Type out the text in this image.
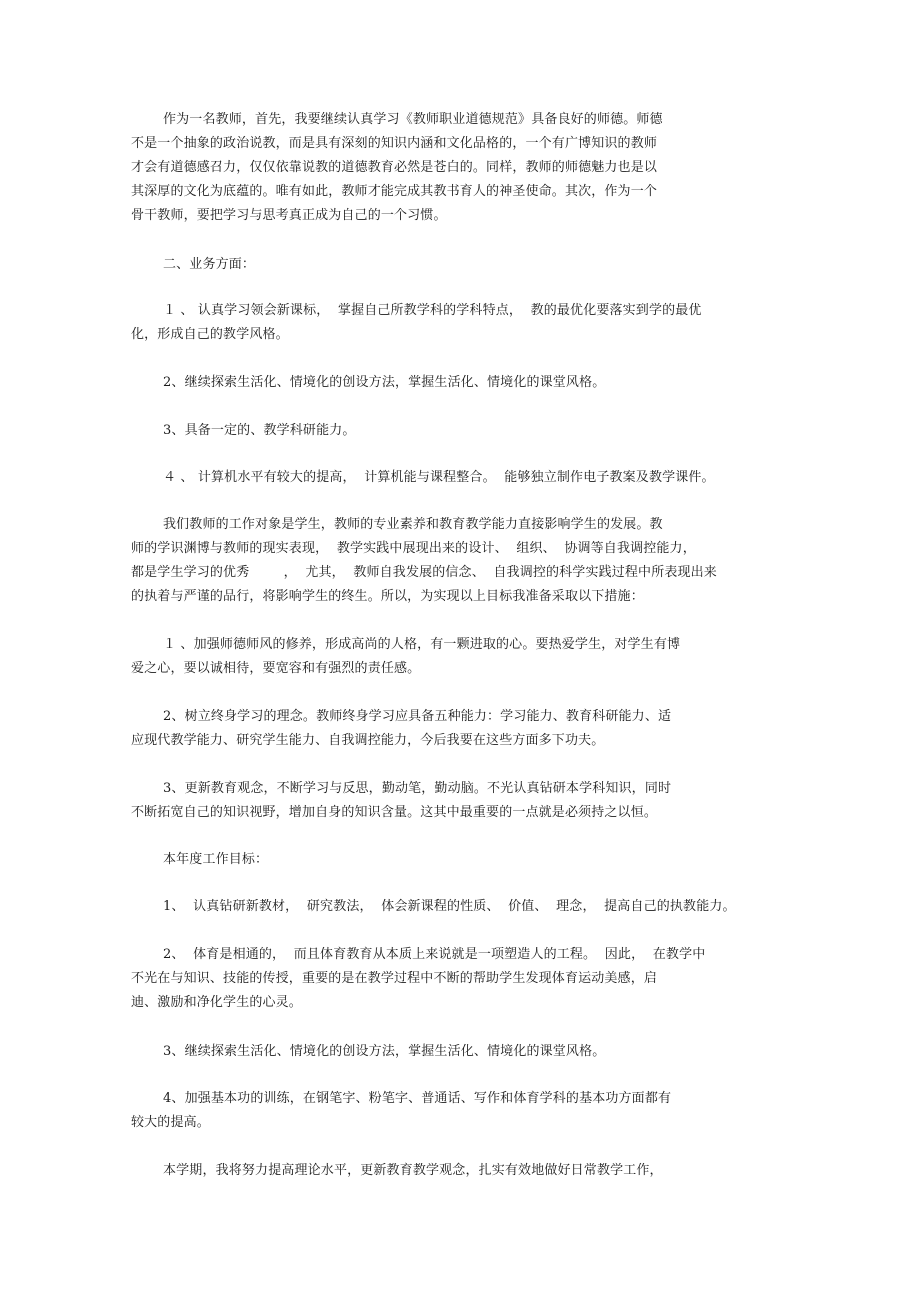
作为一名教师，首先，我要继续认真学习《教师职业道德规范》具备良好的师德。师德
不是一个抽象的政治说教，而是具有深刻的知识内涵和文化品格的，一个有广博知识的教师
才会有道德感召力，仅仅依靠说教的道德教育必然是苍白的。同样，教师的师德魅力也是以
其深厚的文化为底蕴的。唯有如此，教师才能完成其教书育人的神圣使命。其次，作为一个
骨干教师，要把学习与思考真正成为自己的一个习惯。
二、业务方面：
１ 、 认真学习领会新课标，  掌握自己所教学科的学科特点，  教的最优化要落实到学的最优
化，形成自己的教学风格。
2、继续探索生活化、情境化的创设方法，掌握生活化、情境化的课堂风格。
3、具备一定的、教学科研能力。
４ 、 计算机水平有较大的提高，  计算机能与课程整合。  能够独立制作电子教案及教学课件。
我们教师的工作对象是学生，教师的专业素养和教育教学能力直接影响学生的发展。教
师的学识渊博与教师的现实表现，  教学实践中展现出来的设计、  组织、  协调等自我调控能力，
都是学生学习的优秀        ，  尤其，  教师自我发展的信念、  自我调控的科学实践过程中所表现出来
的执着与严谨的品行，将影响学生的终生。所以，为实现以上目标我准备采取以下措施：
１ 、加强师德师风的修养，形成高尚的人格，有一颗进取的心。要热爱学生，对学生有博
爱之心，要以诚相待，要宽容和有强烈的责任感。
2、树立终身学习的理念。教师终身学习应具备五种能力：学习能力、教育科研能力、适
应现代教学能力、研究学生能力、自我调控能力，今后我要在这些方面多下功夫。
3、更新教育观念，不断学习与反思，勤动笔，勤动脑。不光认真钻研本学科知识，同时
不断拓宽自己的知识视野，增加自身的知识含量。这其中最重要的一点就是必须持之以恒。
本年度工作目标：
1、  认真钻研新教材，  研究教法，  体会新课程的性质、  价值、  理念，  提高自己的执教能力。
2、  体育是相通的，  而且体育教育从本质上来说就是一项塑造人的工程。  因此，  在教学中
不光在与知识、技能的传授，重要的是在教学过程中不断的帮助学生发现体育运动美感，启
迪、激励和净化学生的心灵。
3、继续探索生活化、情境化的创设方法，掌握生活化、情境化的课堂风格。
4、加强基本功的训练，在钢笔字、粉笔字、普通话、写作和体育学科的基本功方面都有
较大的提高。
本学期，我将努力提高理论水平，更新教育教学观念，扎实有效地做好日常教学工作，
